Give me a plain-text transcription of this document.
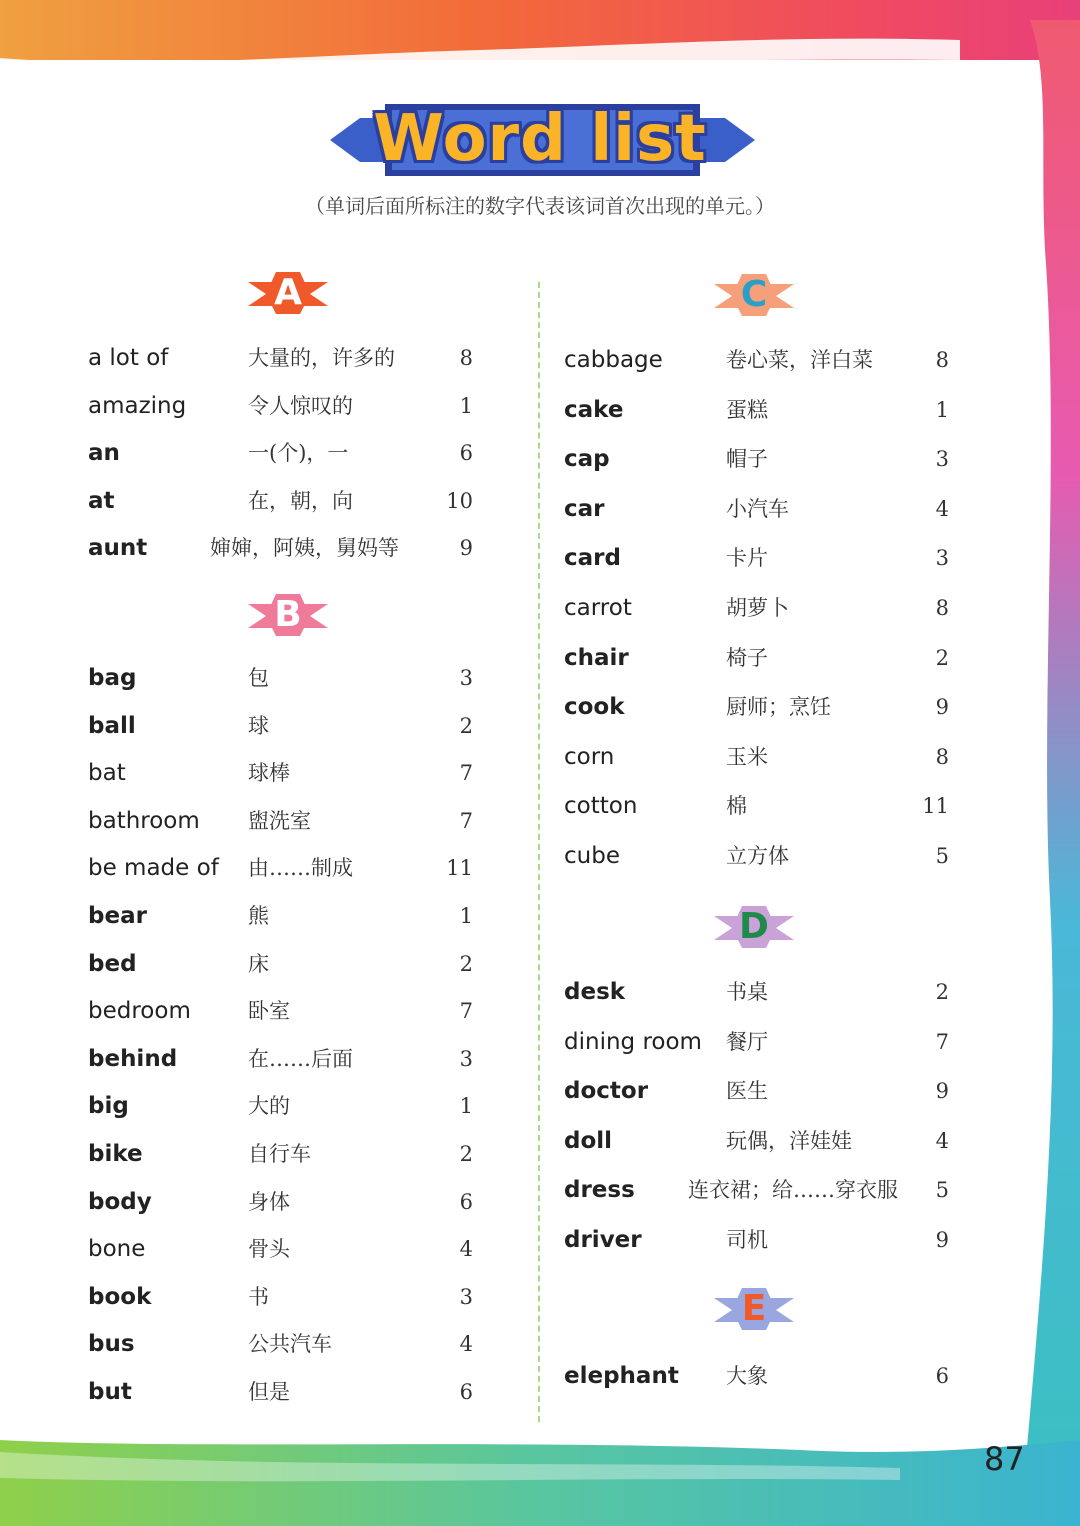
Word list
（单词后面所标注的数字代表该词首次出现的单元。）
A
a lot of	大量的，许多的	8
amazing	令人惊叹的	1
an	一(个)，一	6
at	在，朝，向	10
aunt	婶婶，阿姨，舅妈等	9
B
bag	包	3
ball	球	2
bat	球棒	7
bathroom 盥洗室	7
be made of 由……制成	11
bear	熊	1
bed	床	2
bedroom	卧室	7
behind	在……后面	3
big	大的	1
bike	自行车	2
body	身体	6
bone	骨头	4
book	书	3
bus	公共汽车	4
but	但是	6
C
cabbage	卷心菜，洋白菜	8
cake	蛋糕	1
cap	帽子	3
car	小汽车	4
card	卡片	3
carrot	胡萝卜	8
chair	椅子	2
cook	厨师；烹饪	9
corn	玉米	8
cotton	棉	11
cube	立方体	5
D
desk	书桌	2
dining room 餐厅	7
doctor	医生	9
doll	玩偶，洋娃娃	4
dress	连衣裙；给……穿衣服	5
driver	司机	9
E
elephant 大象	6
87
